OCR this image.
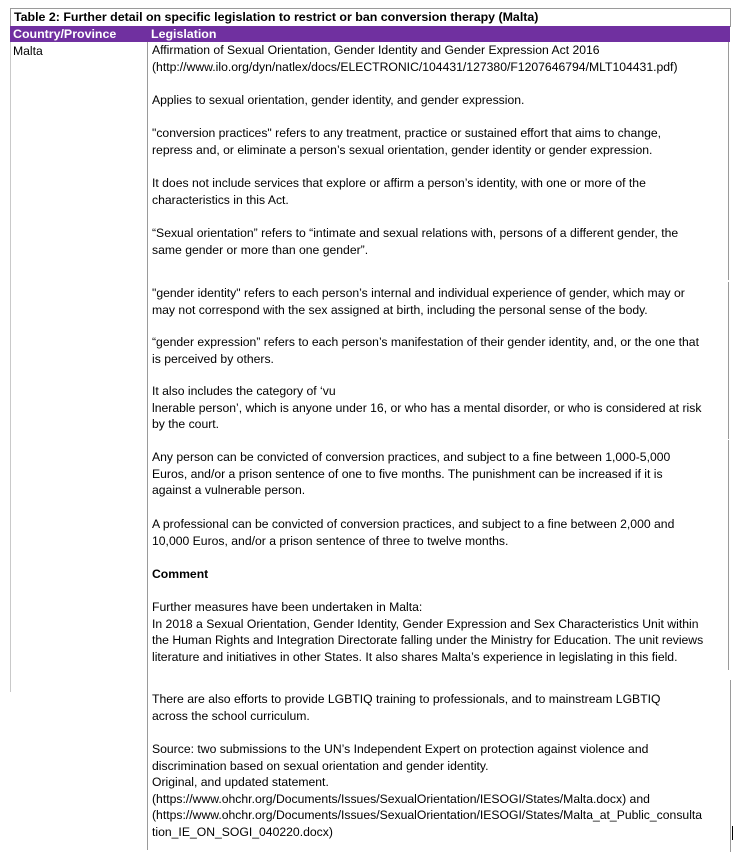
Table 2: Further detail on specific legislation to restrict or ban conversion therapy (Malta)
Country/Province	Legislation
Malta	Affirmation of Sexual Orientation, Gender Identity and Gender Expression Act 2016
(http://www.ilo.org/dyn/natlex/docs/ELECTRONIC/104431/127380/F1207646794/MLT104431.pdf)
Applies to sexual orientation, gender identity, and gender expression.
"conversion practices" refers to any treatment, practice or sustained effort that aims to change,
repress and, or eliminate a person’s sexual orientation, gender identity or gender expression.
It does not include services that explore or affirm a person’s identity, with one or more of the
characteristics in this Act.
“Sexual orientation” refers to “intimate and sexual relations with, persons of a different gender, the
same gender or more than one gender”.
"gender identity" refers to each person’s internal and individual experience of gender, which may or
may not correspond with the sex assigned at birth, including the personal sense of the body.
“gender expression” refers to each person’s manifestation of their gender identity, and, or the one that
is perceived by others.
It also includes the category of ‘vu
lnerable person’, which is anyone under 16, or who has a mental disorder, or who is considered at risk
by the court.
Any person can be convicted of conversion practices, and subject to a fine between 1,000-5,000
Euros, and/or a prison sentence of one to five months. The punishment can be increased if it is
against a vulnerable person.
A professional can be convicted of conversion practices, and subject to a fine between 2,000 and
10,000 Euros, and/or a prison sentence of three to twelve months.
Comment
Further measures have been undertaken in Malta:
In 2018 a Sexual Orientation, Gender Identity, Gender Expression and Sex Characteristics Unit within
the Human Rights and Integration Directorate falling under the Ministry for Education. The unit reviews
literature and initiatives in other States. It also shares Malta’s experience in legislating in this field.
There are also efforts to provide LGBTIQ training to professionals, and to mainstream LGBTIQ
across the school curriculum.
Source: two submissions to the UN’s Independent Expert on protection against violence and
discrimination based on sexual orientation and gender identity.
Original, and updated statement.
(https://www.ohchr.org/Documents/Issues/SexualOrientation/IESOGI/States/Malta.docx) and
(https://www.ohchr.org/Documents/Issues/SexualOrientation/IESOGI/States/Malta_at_Public_consulta
tion_IE_ON_SOGI_040220.docx)
